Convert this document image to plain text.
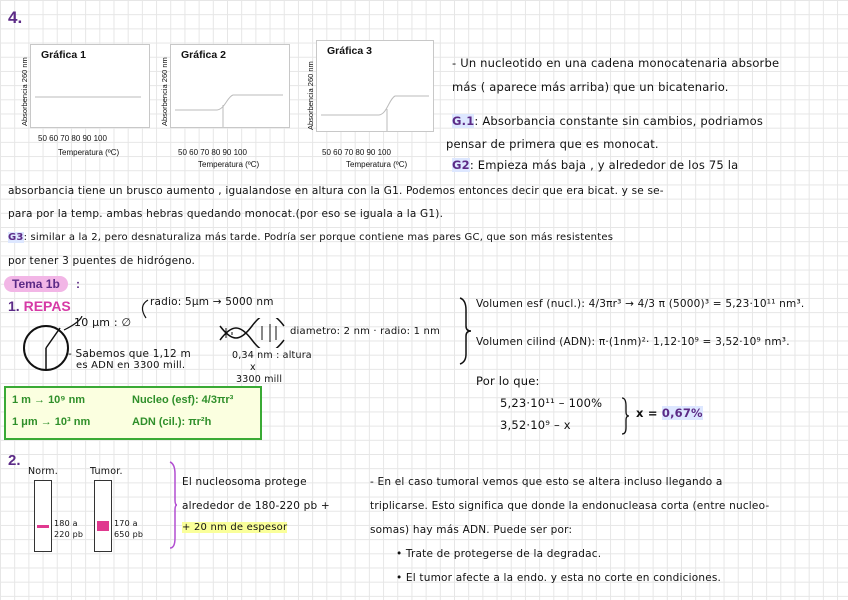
4.
Gráfica 1
Absorbencia 260 nm
50 60 70 80 90 100
Temperatura (ºC)
Gráfica 2
Absorbencia 260 nm
50 60 70 80 90 100
Temperatura (ºC)
Gráfica 3
Absorbencia 260 nm
50 60 70 80 90 100
Temperatura (ºC)
- Un nucleotido en una cadena monocatenaria absorbe
más ( aparece más arriba) que un bicatenario.
G.1: Absorbancia constante sin cambios, podriamos
pensar de primera que es monocat.
G2: Empieza más baja , y alrededor de los 75 la
absorbancia tiene un brusco aumento , igualandose en altura con la G1. Podemos entonces decir que era bicat. y se se-
para por la temp. ambas hebras quedando monocat.(por eso se iguala a la G1).
G3: similar a la 2, pero desnaturaliza más tarde. Podría ser porque contiene mas pares GC, que son más resistentes
por tener 3 puentes de hidrógeno.
Tema 1b	:
1. REPAS	radio: 5μm → 5000 nm
10 μm : ∅
- Sabemos que 1,12 m
es ADN en 3300 mill.
diametro: 2 nm · radio: 1 nm
0,34 nm : altura
x
3300 mill
Volumen esf (nucl.): 4/3πr³ → 4/3 π (5000)³ = 5,23·10¹¹ nm³.
Volumen cilind (ADN): π·(1nm)²· 1,12·10⁹ = 3,52·10⁹ nm³.
Por lo que:
5,23·10¹¹ – 100%
3,52·10⁹ – x
x = 0,67%
1 m → 10⁹ nm	Nucleo (esf): 4/3πr³
1 μm → 10³ nm	ADN (cil.): πr²h
2.
Norm.	Tumor.
180 a 220 pb
170 a 650 pb
El nucleosoma protege
alrededor de 180-220 pb +
+ 20 nm de espesor
- En el caso tumoral vemos que esto se altera incluso llegando a
triplicarse. Esto significa que donde la endonucleasa corta (entre nucleo-
somas) hay más ADN. Puede ser por:
• Trate de protegerse de la degradac.
• El tumor afecte a la endo. y esta no corte en condiciones.
